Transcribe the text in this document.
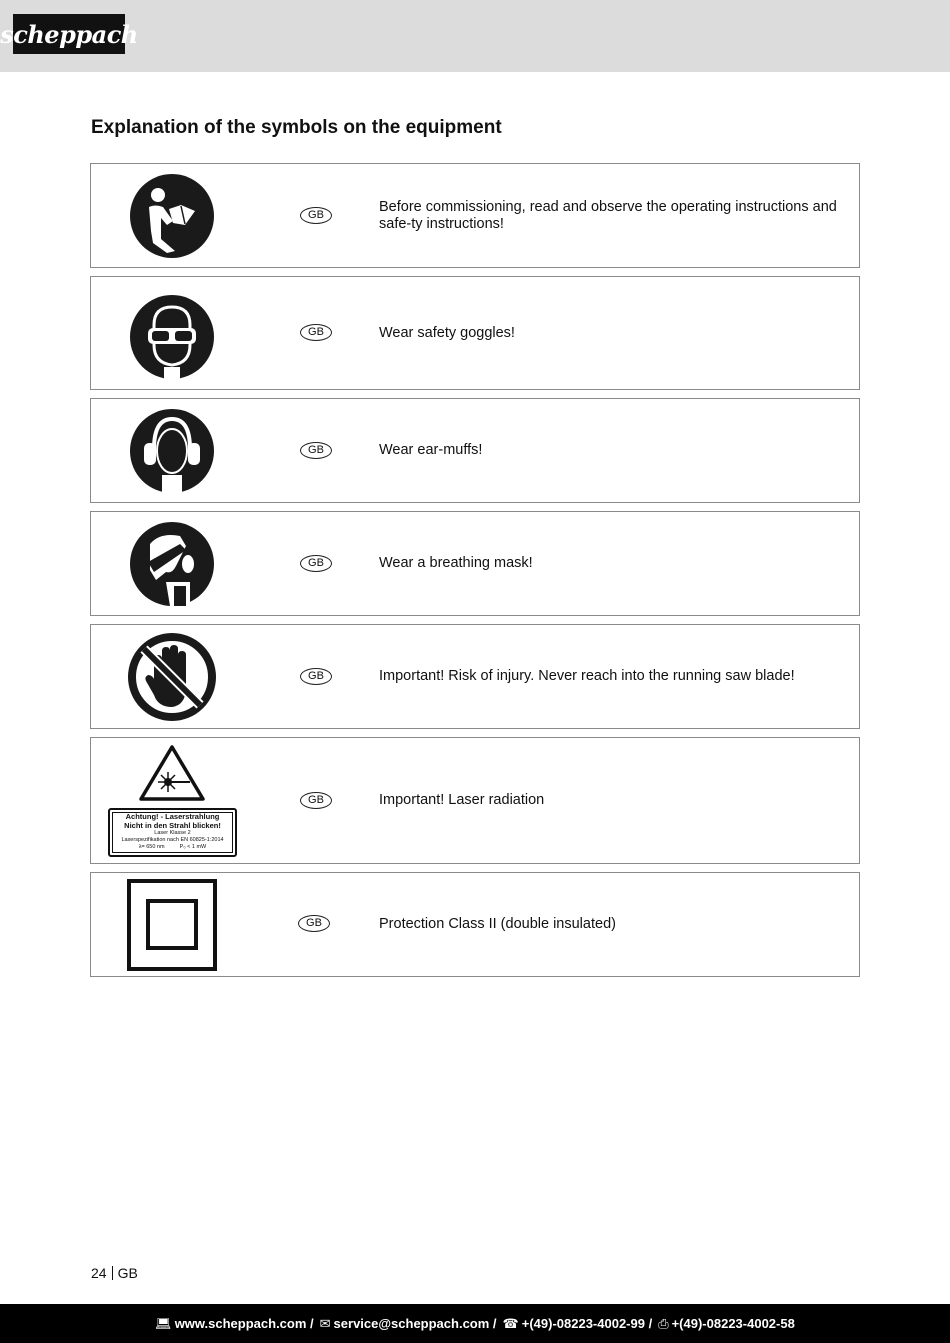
scheppach
Explanation of the symbols on the equipment
GB	Before commissioning, read and observe the operating instructions and safe-ty instructions!
GB	Wear safety goggles!
GB	Wear ear-muffs!
GB	Wear a breathing mask!
GB	Important! Risk of injury. Never reach into the running saw blade!
Achtung! - Laserstrahlung
Nicht in den Strahl blicken!
Laser Klasse 2
Laserspezifikation nach EN 60825-1:2014
λ= 650 nm	P₀ < 1 mW
GB	Important! Laser radiation
GB	Protection Class II (double insulated)
24 GB
💻︎ www.scheppach.com / ✉ service@scheppach.com / ☎ +(49)-08223-4002-99 / ⎙ +(49)-08223-4002-58
